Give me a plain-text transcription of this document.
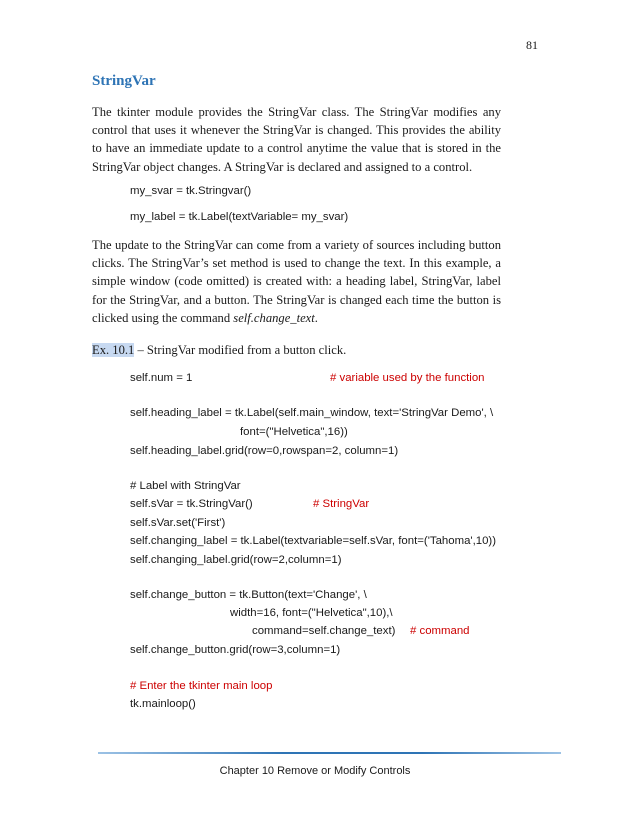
81
StringVar
The tkinter module provides the StringVar class. The StringVar modifies any control that uses it whenever the StringVar is changed. This provides the ability to have an immediate update to a control anytime the value that is stored in the StringVar object changes. A StringVar is declared and assigned to a control.
my_svar = tk.Stringvar()
my_label = tk.Label(textVariable= my_svar)
The update to the StringVar can come from a variety of sources including button clicks. The StringVar’s set method is used to change the text. In this example, a simple window (code omitted) is created with: a heading label, StringVar, label for the StringVar, and a button. The StringVar is changed each time the button is clicked using the command self.change_text.
Ex. 10.1 – StringVar modified from a button click.
self.num = 1	# variable used by the function
self.heading_label = tk.Label(self.main_window, text='StringVar Demo', \
font=("Helvetica",16))
self.heading_label.grid(row=0,rowspan=2, column=1)
# Label with StringVar
self.sVar = tk.StringVar()	# StringVar
self.sVar.set('First')
self.changing_label = tk.Label(textvariable=self.sVar, font=('Tahoma',10))
self.changing_label.grid(row=2,column=1)
self.change_button = tk.Button(text='Change', \
width=16, font=("Helvetica",10),\
command=self.change_text) # command
self.change_button.grid(row=3,column=1)
# Enter the tkinter main loop
tk.mainloop()
Chapter 10 Remove or Modify Controls
